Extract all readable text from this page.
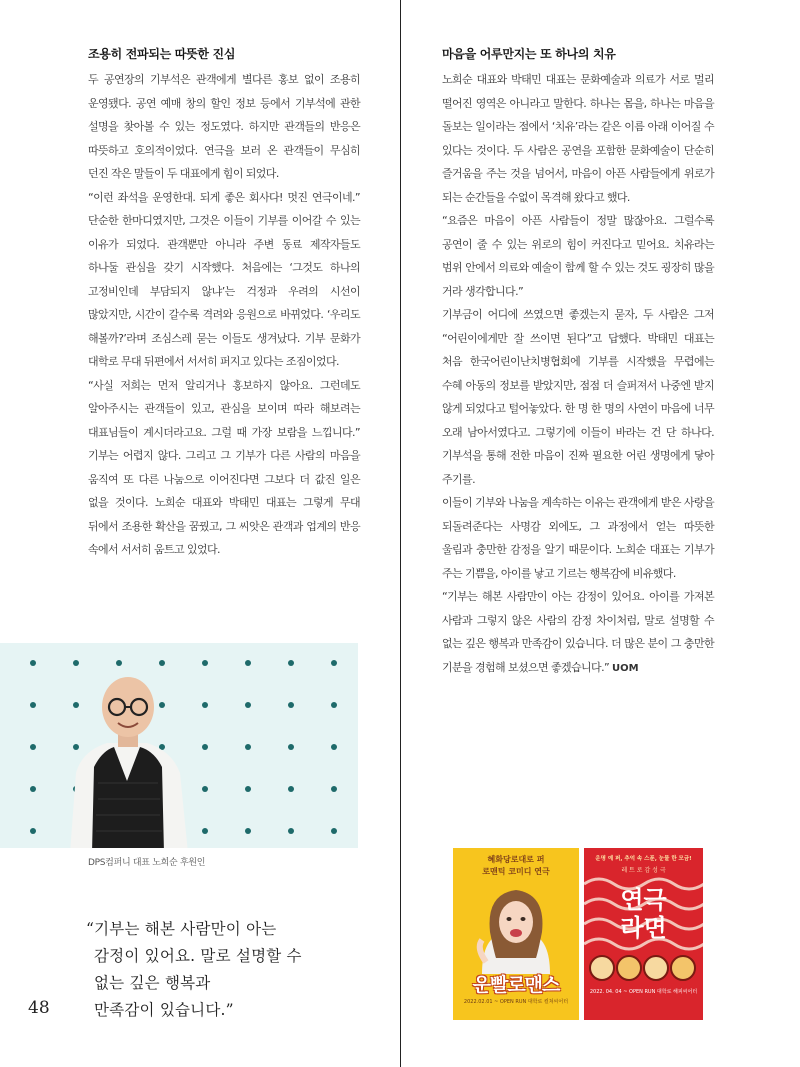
조용히 전파되는 따뜻한 진심

두 공연장의 기부석은 관객에게 별다른 홍보 없이 조용히 운영됐다. 공연 예매 창의 할인 정보 등에서 기부석에 관한 설명을 찾아볼 수 있는 정도였다. 하지만 관객들의 반응은 따뜻하고 호의적이었다. 연극을 보러 온 관객들이 무심히 던진 작은 말들이 두 대표에게 힘이 되었다.

“이런 좌석을 운영한대. 되게 좋은 회사다! 멋진 연극이네.” 단순한 한마디였지만, 그것은 이들이 기부를 이어갈 수 있는 이유가 되었다. 관객뿐만 아니라 주변 동료 제작자들도 하나둘 관심을 갖기 시작했다. 처음에는 ‘그것도 하나의 고정비인데 부담되지 않냐’는 걱정과 우려의 시선이 많았지만, 시간이 갈수록 격려와 응원으로 바뀌었다. ‘우리도 해볼까?’라며 조심스레 묻는 이들도 생겨났다. 기부 문화가 대학로 무대 뒤편에서 서서히 퍼지고 있다는 조짐이었다.

“사실 저희는 먼저 알리거나 홍보하지 않아요. 그런데도 알아주시는 관객들이 있고, 관심을 보이며 따라 해보려는 대표님들이 계시더라고요. 그럴 때 가장 보람을 느낍니다.” 기부는 어렵지 않다. 그리고 그 기부가 다른 사람의 마음을 움직여 또 다른 나눔으로 이어진다면 그보다 더 값진 일은 없을 것이다. 노희순 대표와 박태민 대표는 그렇게 무대 뒤에서 조용한 확산을 꿈꿨고, 그 씨앗은 관객과 업계의 반응 속에서 서서히 움트고 있었다.

마음을 어루만지는 또 하나의 치유

노희순 대표와 박태민 대표는 문화예술과 의료가 서로 멀리 떨어진 영역은 아니라고 말한다. 하나는 몸을, 하나는 마음을 돌보는 일이라는 점에서 ‘치유’라는 같은 이름 아래 이어질 수 있다는 것이다. 두 사람은 공연을 포함한 문화예술이 단순히 즐거움을 주는 것을 넘어서, 마음이 아픈 사람들에게 위로가 되는 순간들을 수없이 목격해 왔다고 했다.

“요즘은 마음이 아픈 사람들이 정말 많잖아요. 그럴수록 공연이 줄 수 있는 위로의 힘이 커진다고 믿어요. 치유라는 범위 안에서 의료와 예술이 함께 할 수 있는 것도 굉장히 많을 거라 생각합니다.”

기부금이 어디에 쓰였으면 좋겠는지 묻자, 두 사람은 그저 “어린이에게만 잘 쓰이면 된다”고 답했다. 박태민 대표는 처음 한국어린이난치병협회에 기부를 시작했을 무렵에는 수혜 아동의 정보를 받았지만, 점점 더 슬퍼져서 나중엔 받지 않게 되었다고 털어놓았다. 한 명 한 명의 사연이 마음에 너무 오래 남아서였다고. 그렇기에 이들이 바라는 건 단 하나다. 기부석을 통해 전한 마음이 진짜 필요한 어린 생명에게 닿아 주기를.

이들이 기부와 나눔을 계속하는 이유는 관객에게 받은 사랑을 되돌려준다는 사명감 외에도, 그 과정에서 얻는 따뜻한 울림과 충만한 감정을 알기 때문이다. 노희순 대표는 기부가 주는 기쁨을, 아이를 낳고 기르는 행복감에 비유했다.

“기부는 해본 사람만이 아는 감정이 있어요. 아이를 가져본 사람과 그렇지 않은 사람의 감정 차이처럼, 말로 설명할 수 없는 깊은 행복과 만족감이 있습니다. 더 많은 분이 그 충만한 기분을 경험해 보셨으면 좋겠습니다.” UOM

DPS컴퍼니 대표 노희순 후원인

“기부는 해본 사람만이 아는
감정이 있어요. 말로 설명할 수
없는 깊은 행복과
만족감이 있습니다.”

48
혜화당로대로 퍼
로맨틱 코미디 연극
운빨로맨스
2022.02.01 ~ OPEN RUN 대학로 컬쳐씨어터
운명 예 퍼, 추억 속 스푼, 눈물 한 모금!
레 트 로 감 성 극
연극
라면
2022. 04. 04 ~ OPEN RUN 대학로 해피씨어터
